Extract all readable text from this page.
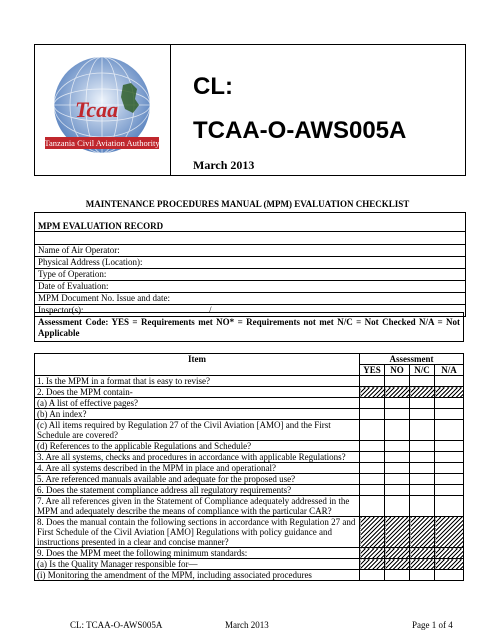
Tcaa
Tanzania Civil Aviation Authority
CL:
TCAA-O-AWS005A
March 2013
MAINTENANCE PROCEDURES MANUAL (MPM) EVALUATION CHECKLIST
MPM EVALUATION RECORD
Name of Air Operator:
Physical Address (Location):
Type of Operation:
Date of Evaluation:
MPM Document No. Issue and date:
Inspector(s):	/
Assessment Code: YES = Requirements met NO* = Requirements not met N/C = Not Checked N/A = Not Applicable
Item	Assessment			
	YES	NO	N/C	N/A
1. Is the MPM in a format that is easy to revise?				
2. Does the MPM contain-				
(a) A list of effective pages?				
(b) An index?				
(c) All items required by Regulation 27 of the Civil Aviation [AMO] and the First Schedule are covered?				
(d) References to the applicable Regulations and Schedule?				
3. Are all systems, checks and procedures in accordance with applicable Regulations?				
4. Are all systems described in the MPM in place and operational?				
5. Are referenced manuals available and adequate for the proposed use?				
6. Does the statement compliance address all regulatory requirements?				
7. Are all references given in the Statement of Compliance adequately addressed in the MPM and adequately describe the means of compliance with the particular CAR?				
8. Does the manual contain the following sections in accordance with Regulation 27 and First Schedule of the Civil Aviation [AMO] Regulations with policy guidance and instructions presented in a clear and concise manner?				
9. Does the MPM meet the following minimum standards:				
(a) Is the Quality Manager responsible for—				
(i) Monitoring the amendment of the MPM, including associated procedures				
CL: TCAA-O-AWS005A	March 2013	Page 1 of 4
